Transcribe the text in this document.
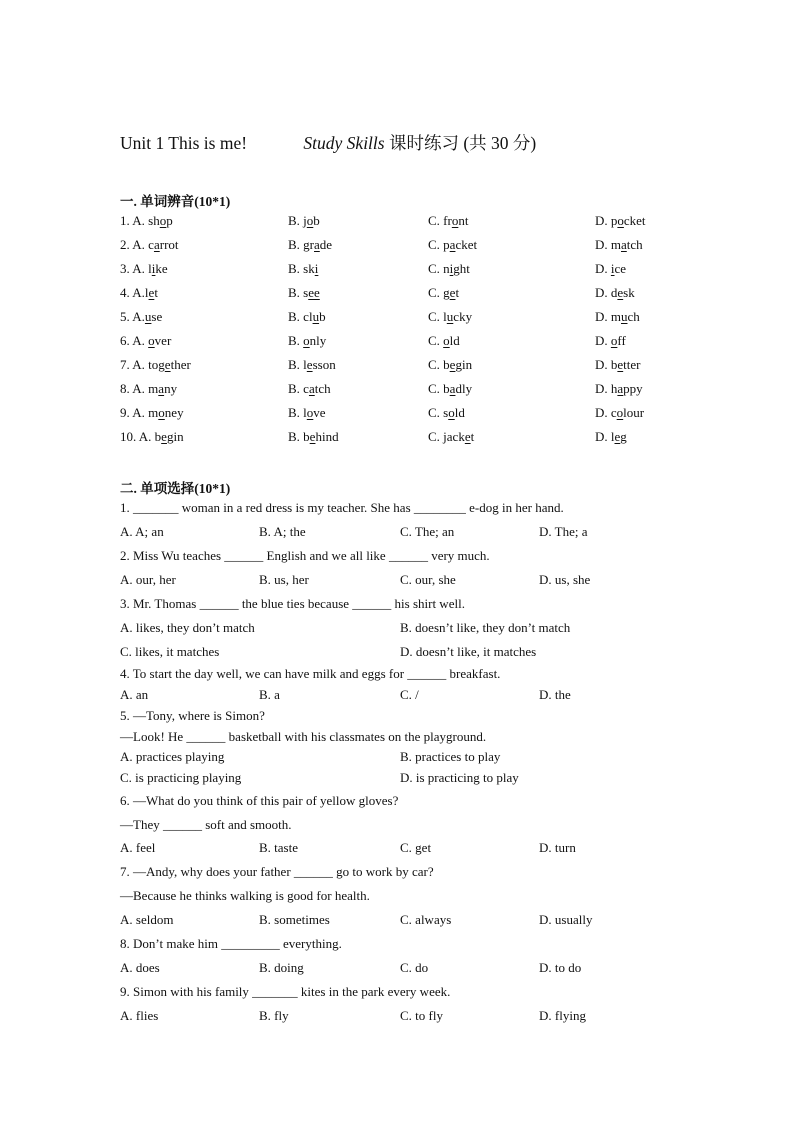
Unit 1 This is me!	Study Skills 课时练习 (共 30 分)
一. 单词辨音(10*1)
1. A. shop	B. job	C. front	D. pocket
2. A. carrot	B. grade	C. packet	D. match
3. A. like	B. ski	C. night	D. ice
4. A.let	B. see	C. get	D. desk
5. A.use	B. club	C. lucky	D. much
6. A. over	B. only	C. old	D. off
7. A. together	B. lesson	C. begin	D. better
8. A. many	B. catch	C. badly	D. happy
9. A. money	B. love	C. sold	D. colour
10. A. begin	B. behind	C. jacket	D. leg
二. 单项选择(10*1)
1. _______ woman in a red dress is my teacher. She has ________ e-dog in her hand.
A. A; an	B. A; the	C. The; an	D. The; a
2. Miss Wu teaches ______ English and we all like ______ very much.
A. our, her	B. us, her	C. our, she	D. us, she
3. Mr. Thomas ______ the blue ties because ______ his shirt well.
A. likes, they don’t match	B. doesn’t like, they don’t match
C. likes, it matches	D. doesn’t like, it matches
4. To start the day well, we can have milk and eggs for ______ breakfast.
A. an	B. a	C. /	D. the
5. —Tony, where is Simon?
—Look! He ______ basketball with his classmates on the playground.
A. practices playing	B. practices to play
C. is practicing playing	D. is practicing to play
6. —What do you think of this pair of yellow gloves?
—They ______ soft and smooth.
A. feel	B. taste	C. get	D. turn
7. —Andy, why does your father ______ go to work by car?
—Because he thinks walking is good for health.
A. seldom	B. sometimes	C. always	D. usually
8. Don’t make him _________ everything.
A. does	B. doing	C. do	D. to do
9. Simon with his family _______ kites in the park every week.
A. flies	B. fly	C. to fly	D. flying
